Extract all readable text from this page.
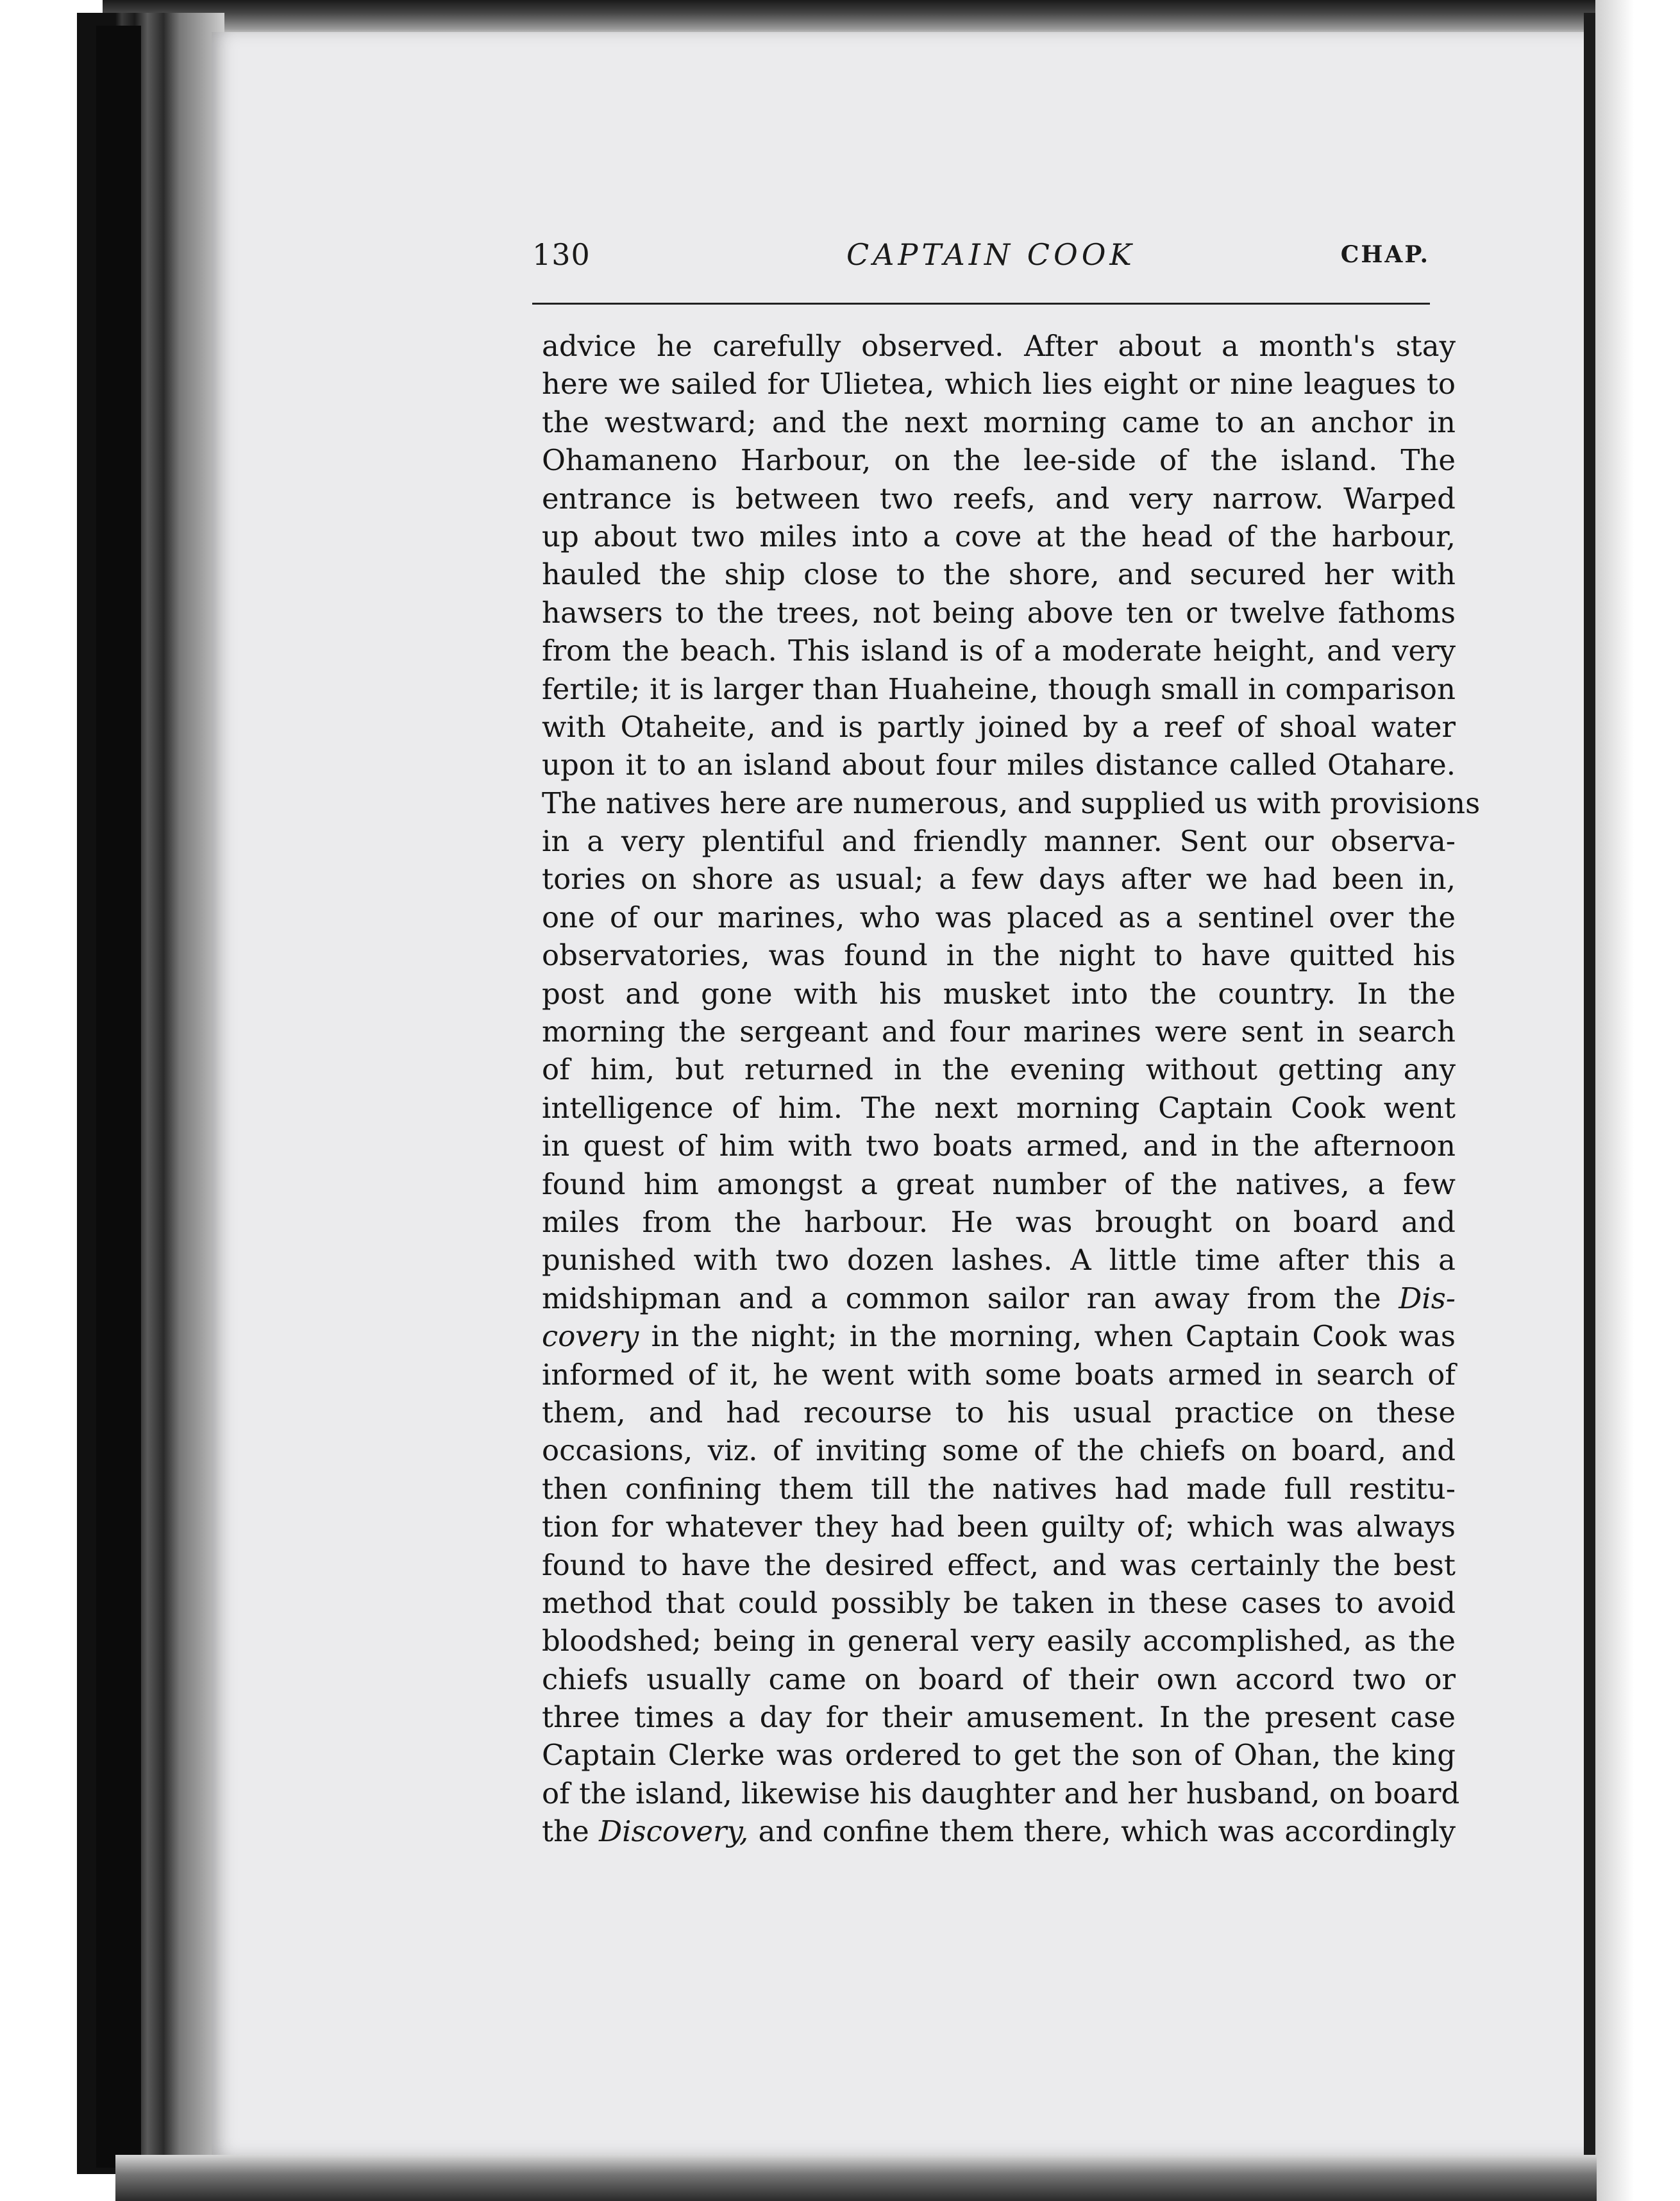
130	CAPTAIN COOK	CHAP.
advice he carefully observed. After about a month's stay
here we sailed for Ulietea, which lies eight or nine leagues to
the westward; and the next morning came to an anchor in
Ohamaneno Harbour, on the lee-side of the island. The
entrance is between two reefs, and very narrow. Warped
up about two miles into a cove at the head of the harbour,
hauled the ship close to the shore, and secured her with
hawsers to the trees, not being above ten or twelve fathoms
from the beach. This island is of a moderate height, and very
fertile; it is larger than Huaheine, though small in comparison
with Otaheite, and is partly joined by a reef of shoal water
upon it to an island about four miles distance called Otahare.
The natives here are numerous, and supplied us with provisions
in a very plentiful and friendly manner. Sent our observa-
tories on shore as usual; a few days after we had been in,
one of our marines, who was placed as a sentinel over the
observatories, was found in the night to have quitted his
post and gone with his musket into the country. In the
morning the sergeant and four marines were sent in search
of him, but returned in the evening without getting any
intelligence of him. The next morning Captain Cook went
in quest of him with two boats armed, and in the afternoon
found him amongst a great number of the natives, a few
miles from the harbour. He was brought on board and
punished with two dozen lashes. A little time after this a
midshipman and a common sailor ran away from the Dis-
covery in the night; in the morning, when Captain Cook was
informed of it, he went with some boats armed in search of
them, and had recourse to his usual practice on these
occasions, viz. of inviting some of the chiefs on board, and
then confining them till the natives had made full restitu-
tion for whatever they had been guilty of; which was always
found to have the desired effect, and was certainly the best
method that could possibly be taken in these cases to avoid
bloodshed; being in general very easily accomplished, as the
chiefs usually came on board of their own accord two or
three times a day for their amusement. In the present case
Captain Clerke was ordered to get the son of Ohan, the king
of the island, likewise his daughter and her husband, on board
the Discovery, and confine them there, which was accordingly
